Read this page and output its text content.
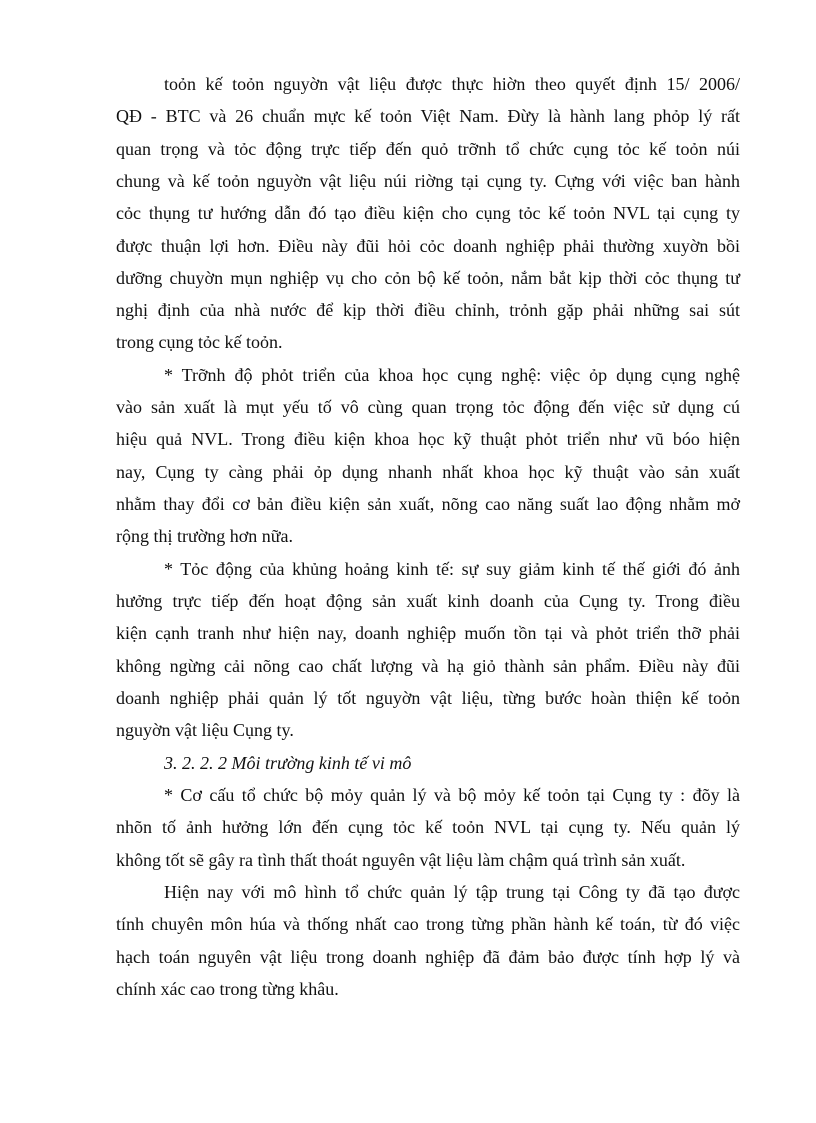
toỏn kế toỏn nguyờn vật liệu được thực hiờn theo quyết định 15/ 2006/
QĐ - BTC và 26 chuẩn mực kế toỏn Việt Nam. Đừy là hành lang phỏp lý rất
quan trọng và tỏc động trực tiếp đến quỏ trỡnh tổ chức cụng tỏc kế toỏn núi
chung và kế toỏn nguyờn vật liệu núi riờng tại cụng ty. Cựng với việc ban hành
cỏc thụng tư hướng dẫn đó tạo điều kiện cho cụng tỏc kế toỏn NVL tại cụng ty
được thuận lợi hơn. Điều này đũi hỏi cỏc doanh nghiệp phải thường xuyờn bồi
dưỡng chuyờn mụn nghiệp vụ cho cỏn bộ kế toỏn, nắm bắt kịp thời cỏc thụng tư
nghị định của nhà nước để kịp thời điều chỉnh, trỏnh gặp phải những sai sút
trong cụng tỏc kế toỏn.
* Trỡnh độ phỏt triển của khoa học cụng nghệ: việc ỏp dụng cụng nghệ
vào sản xuất là mụt yếu tố vô cùng quan trọng tỏc động đến việc sử dụng cú
hiệu quả NVL. Trong điều kiện khoa học kỹ thuật phỏt triển như vũ bóo hiện
nay, Cụng ty càng phải ỏp dụng nhanh nhất khoa học kỹ thuật vào sản xuất
nhằm thay đổi cơ bản điều kiện sản xuất, nõng cao năng suất lao động nhằm mở
rộng thị trường hơn nữa.
* Tỏc động của khủng hoảng kinh tế: sự suy giảm kinh tế thế giới đó ảnh
hưởng trực tiếp đến hoạt động sản xuất kinh doanh của Cụng ty. Trong điều
kiện cạnh tranh như hiện nay, doanh nghiệp muốn tồn tại và phỏt triển thỡ phải
không ngừng cải nõng cao chất lượng và hạ giỏ thành sản phẩm. Điều này đũi
doanh nghiệp phải quản lý tốt nguyờn vật liệu, từng bước hoàn thiện kế toỏn
nguyờn vật liệu Cụng ty.
3. 2. 2. 2 Môi trường kinh tế vi mô
* Cơ cấu tổ chức bộ mỏy quản lý và bộ mỏy kế toỏn tại Cụng ty : đõy là
nhõn tố ảnh hưởng lớn đến cụng tỏc kế toỏn NVL tại cụng ty. Nếu quản lý
không tốt sẽ gây ra tình thất thoát nguyên vật liệu làm chậm quá trình sản xuất.
Hiện nay với mô hình tổ chức quản lý tập trung tại Công ty đã tạo được
tính chuyên môn húa và thống nhất cao trong từng phần hành kế toán, từ đó việc
hạch toán nguyên vật liệu trong doanh nghiệp đã đảm bảo được tính hợp lý và
chính xác cao trong từng khâu.
